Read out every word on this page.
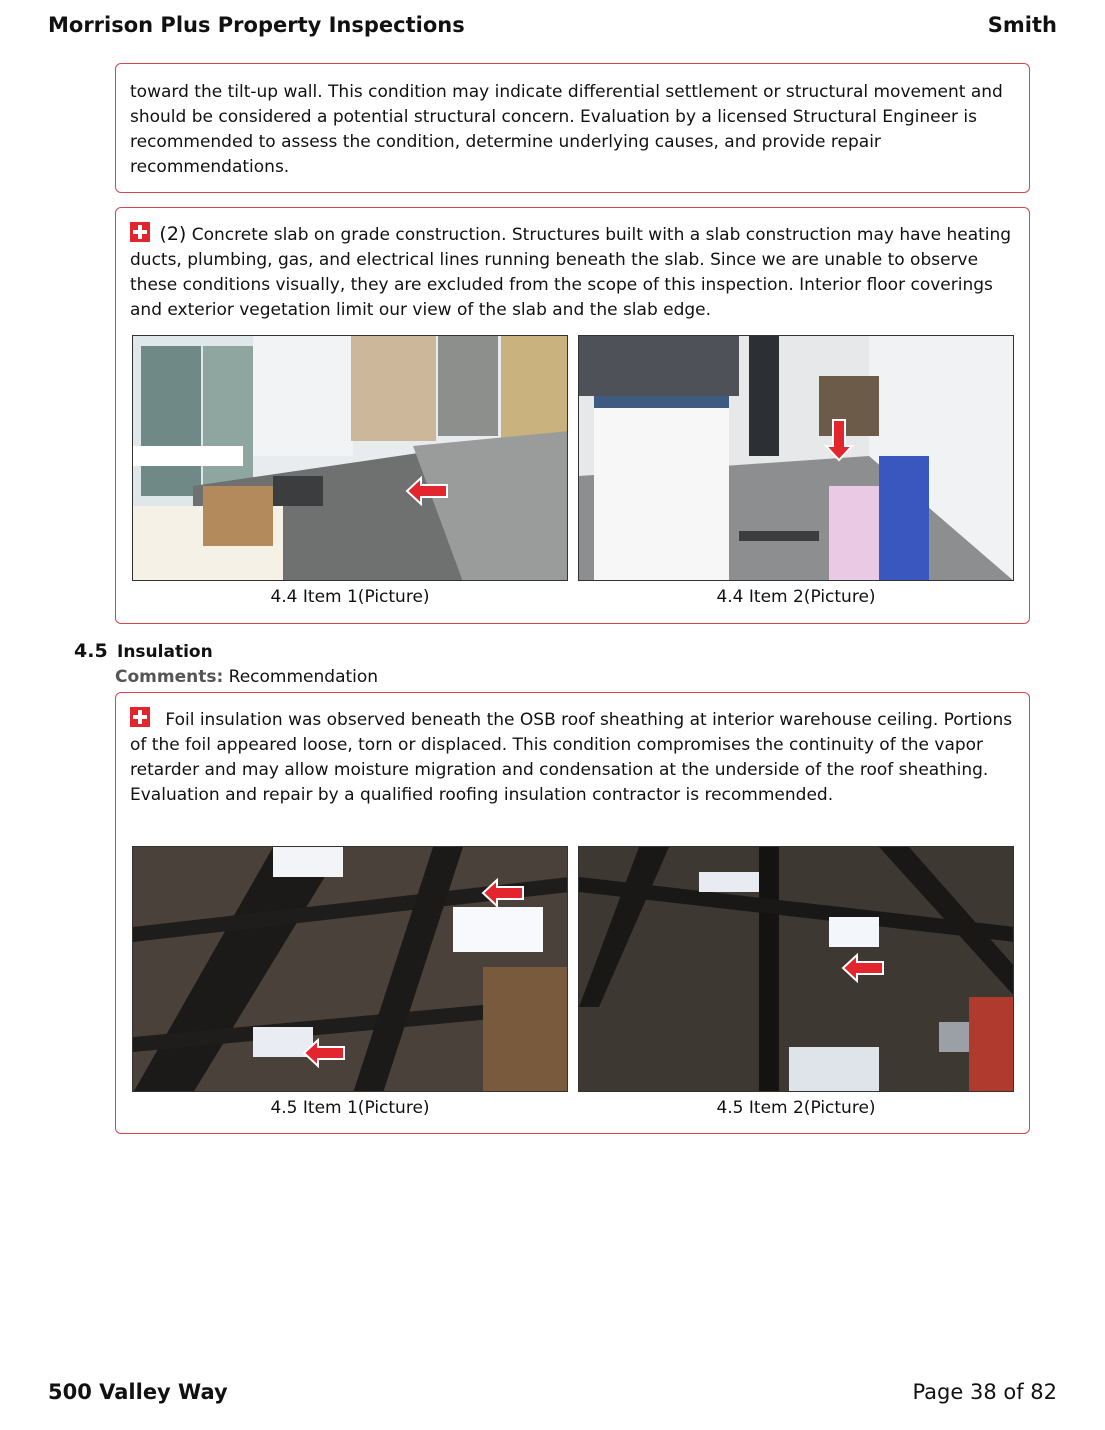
Morrison Plus Property Inspections	Smith
toward the tilt-up wall. This condition may indicate differential settlement or structural movement and should be considered a potential structural concern. Evaluation by a licensed Structural Engineer is recommended to assess the condition, determine underlying causes, and provide repair recommendations.
(2) Concrete slab on grade construction. Structures built with a slab construction may have heating ducts, plumbing, gas, and electrical lines running beneath the slab. Since we are unable to observe these conditions visually, they are excluded from the scope of this inspection. Interior floor coverings and exterior vegetation limit our view of the slab and the slab edge.
4.4 Item 1(Picture)	4.4 Item 2(Picture)
4.5 Insulation
Comments: Recommendation
Foil insulation was observed beneath the OSB roof sheathing at interior warehouse ceiling. Portions of the foil appeared loose, torn or displaced. This condition compromises the continuity of the vapor retarder and may allow moisture migration and condensation at the underside of the roof sheathing. Evaluation and repair by a qualified roofing insulation contractor is recommended.
4.5 Item 1(Picture)	4.5 Item 2(Picture)
500 Valley Way	Page 38 of 82
